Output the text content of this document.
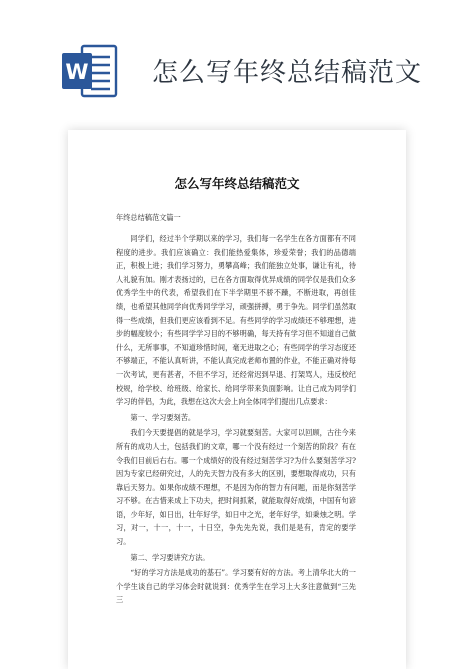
W 怎么写年终总结稿范文
怎么写年终总结稿范文
年终总结稿范文篇一

同学们，经过半个学期以来的学习，我们每一名学生在各方面都有不同程度的进步。我们应该确立：我们能热爱集体，珍爱荣誉；我们的品德端正，积极上进；我们学习努力，勇攀高峰；我们能独立处事，谦让有礼，待人礼貌有加。刚才表扬过的，已在各方面取得优异成绩的同学仅是我们众多优秀学生中的代表，希望我们在下半学期里不骄不躁，不断进取，再创佳绩，也希望其他同学向优秀同学学习，顽强拼搏，勇于争先。同学们虽然取得一些成绩，但我们更应该看到不足。有些同学的学习成绩还不够理想，进步的幅度较小；有些同学学习目的不够明确，每天持有学习但不知道自己做什么，无所事事，不知道珍惜时间，毫无进取之心；有些同学的学习态度还不够端正，不能认真听讲，不能认真完成老师布置的作业，不能正确对待每一次考试，更有甚者，不但不学习，还经常迟到早退、打架骂人，违反校纪校规，给学校、给班级、给家长、给同学带来负面影响。让自己成为同学们学习的伴侣，为此，我想在这次大会上向全体同学们提出几点要求：

第一、学习要刻苦。

我们今天要提倡的就是学习，学习就要刻苦。大家可以回顾，古往今来所有的成功人士，包括我们的文章，哪一个没有经过一个刻苦的阶段？有在令我们目前后右右。哪一个成绩好的没有经过刻苦学习?为什么要刻苦学习?因为专家已经研究过，人的先天智力没有多大的区别，要想取得成功，只有靠后天努力。如果你成绩不理想，不是因为你的智力有问题，而是你刻苦学习不够。在古惜来成上下功夫，把时间抓紧，就能取得好成绩，中国有句谚语，少年好，如日出，壮年好学，如日中之光，老年好学，如秉烛之明。学习，对一，十一，十一，十日空，争先先先说，我们是是有，肯定的要学习。

第二、学习要讲究方法。

“好的学习方法是成功的基石”。学习要有好的方法。考上清华北大的一个学生谈自己的学习体会时就说到：优秀学生在学习上大多注意做到“三先三
